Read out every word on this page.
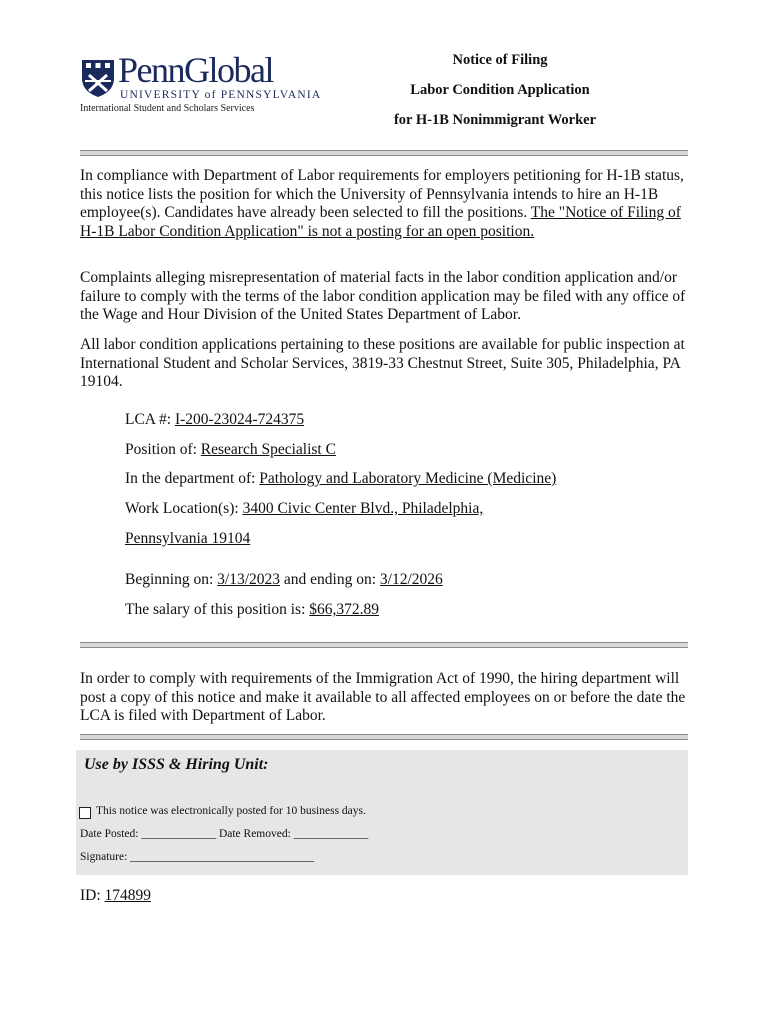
PennGlobal
UNIVERSITY of PENNSYLVANIA
International Student and Scholars Services
Notice of Filing
Labor Condition Application
for H-1B Nonimmigrant Worker
In compliance with Department of Labor requirements for employers petitioning for H-1B status, this notice lists the position for which the University of Pennsylvania intends to hire an H-1B employee(s). Candidates have already been selected to fill the positions. The "Notice of Filing of H-1B Labor Condition Application" is not a posting for an open position.
Complaints alleging misrepresentation of material facts in the labor condition application and/or failure to comply with the terms of the labor condition application may be filed with any office of the Wage and Hour Division of the United States Department of Labor.
All labor condition applications pertaining to these positions are available for public inspection at International Student and Scholar Services, 3819-33 Chestnut Street, Suite 305, Philadelphia, PA 19104.
LCA #: I-200-23024-724375
Position of: Research Specialist C
In the department of: Pathology and Laboratory Medicine (Medicine)
Work Location(s): 3400 Civic Center Blvd., Philadelphia,
Pennsylvania 19104
Beginning on: 3/13/2023 and ending on: 3/12/2026
The salary of this position is: $66,372.89
In order to comply with requirements of the Immigration Act of 1990, the hiring department will post a copy of this notice and make it available to all affected employees on or before the date the LCA is filed with Department of Labor.
Use by ISSS & Hiring Unit:
This notice was electronically posted for 10 business days.
Date Posted: _____________ Date Removed: _____________
Signature: ________________________________
ID: 174899
